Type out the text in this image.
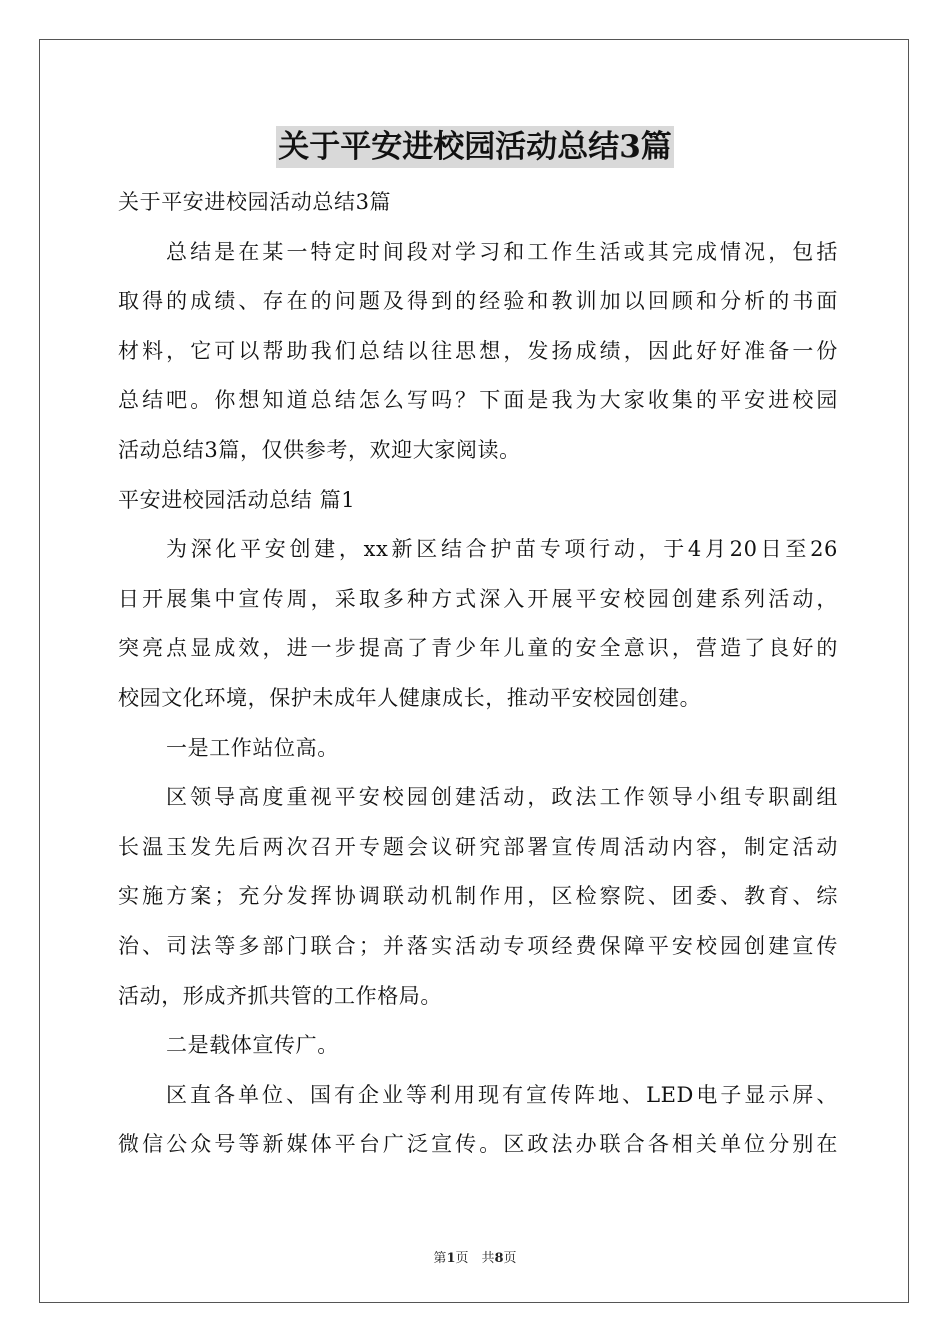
关于平安进校园活动总结3篇
关于平安进校园活动总结3篇
总结是在某一特定时间段对学习和工作生活或其完成情况，包括
取得的成绩、存在的问题及得到的经验和教训加以回顾和分析的书面
材料，它可以帮助我们总结以往思想，发扬成绩，因此好好准备一份
总结吧。你想知道总结怎么写吗？下面是我为大家收集的平安进校园
活动总结3篇，仅供参考，欢迎大家阅读。
平安进校园活动总结 篇1
为深化平安创建，xx新区结合护苗专项行动，于4月20日至26
日开展集中宣传周，采取多种方式深入开展平安校园创建系列活动，
突亮点显成效，进一步提高了青少年儿童的安全意识，营造了良好的
校园文化环境，保护未成年人健康成长，推动平安校园创建。
一是工作站位高。
区领导高度重视平安校园创建活动，政法工作领导小组专职副组
长温玉发先后两次召开专题会议研究部署宣传周活动内容，制定活动
实施方案；充分发挥协调联动机制作用，区检察院、团委、教育、综
治、司法等多部门联合；并落实活动专项经费保障平安校园创建宣传
活动，形成齐抓共管的工作格局。
二是载体宣传广。
区直各单位、国有企业等利用现有宣传阵地、LED电子显示屏、
微信公众号等新媒体平台广泛宣传。区政法办联合各相关单位分别在
第1页　共8页
